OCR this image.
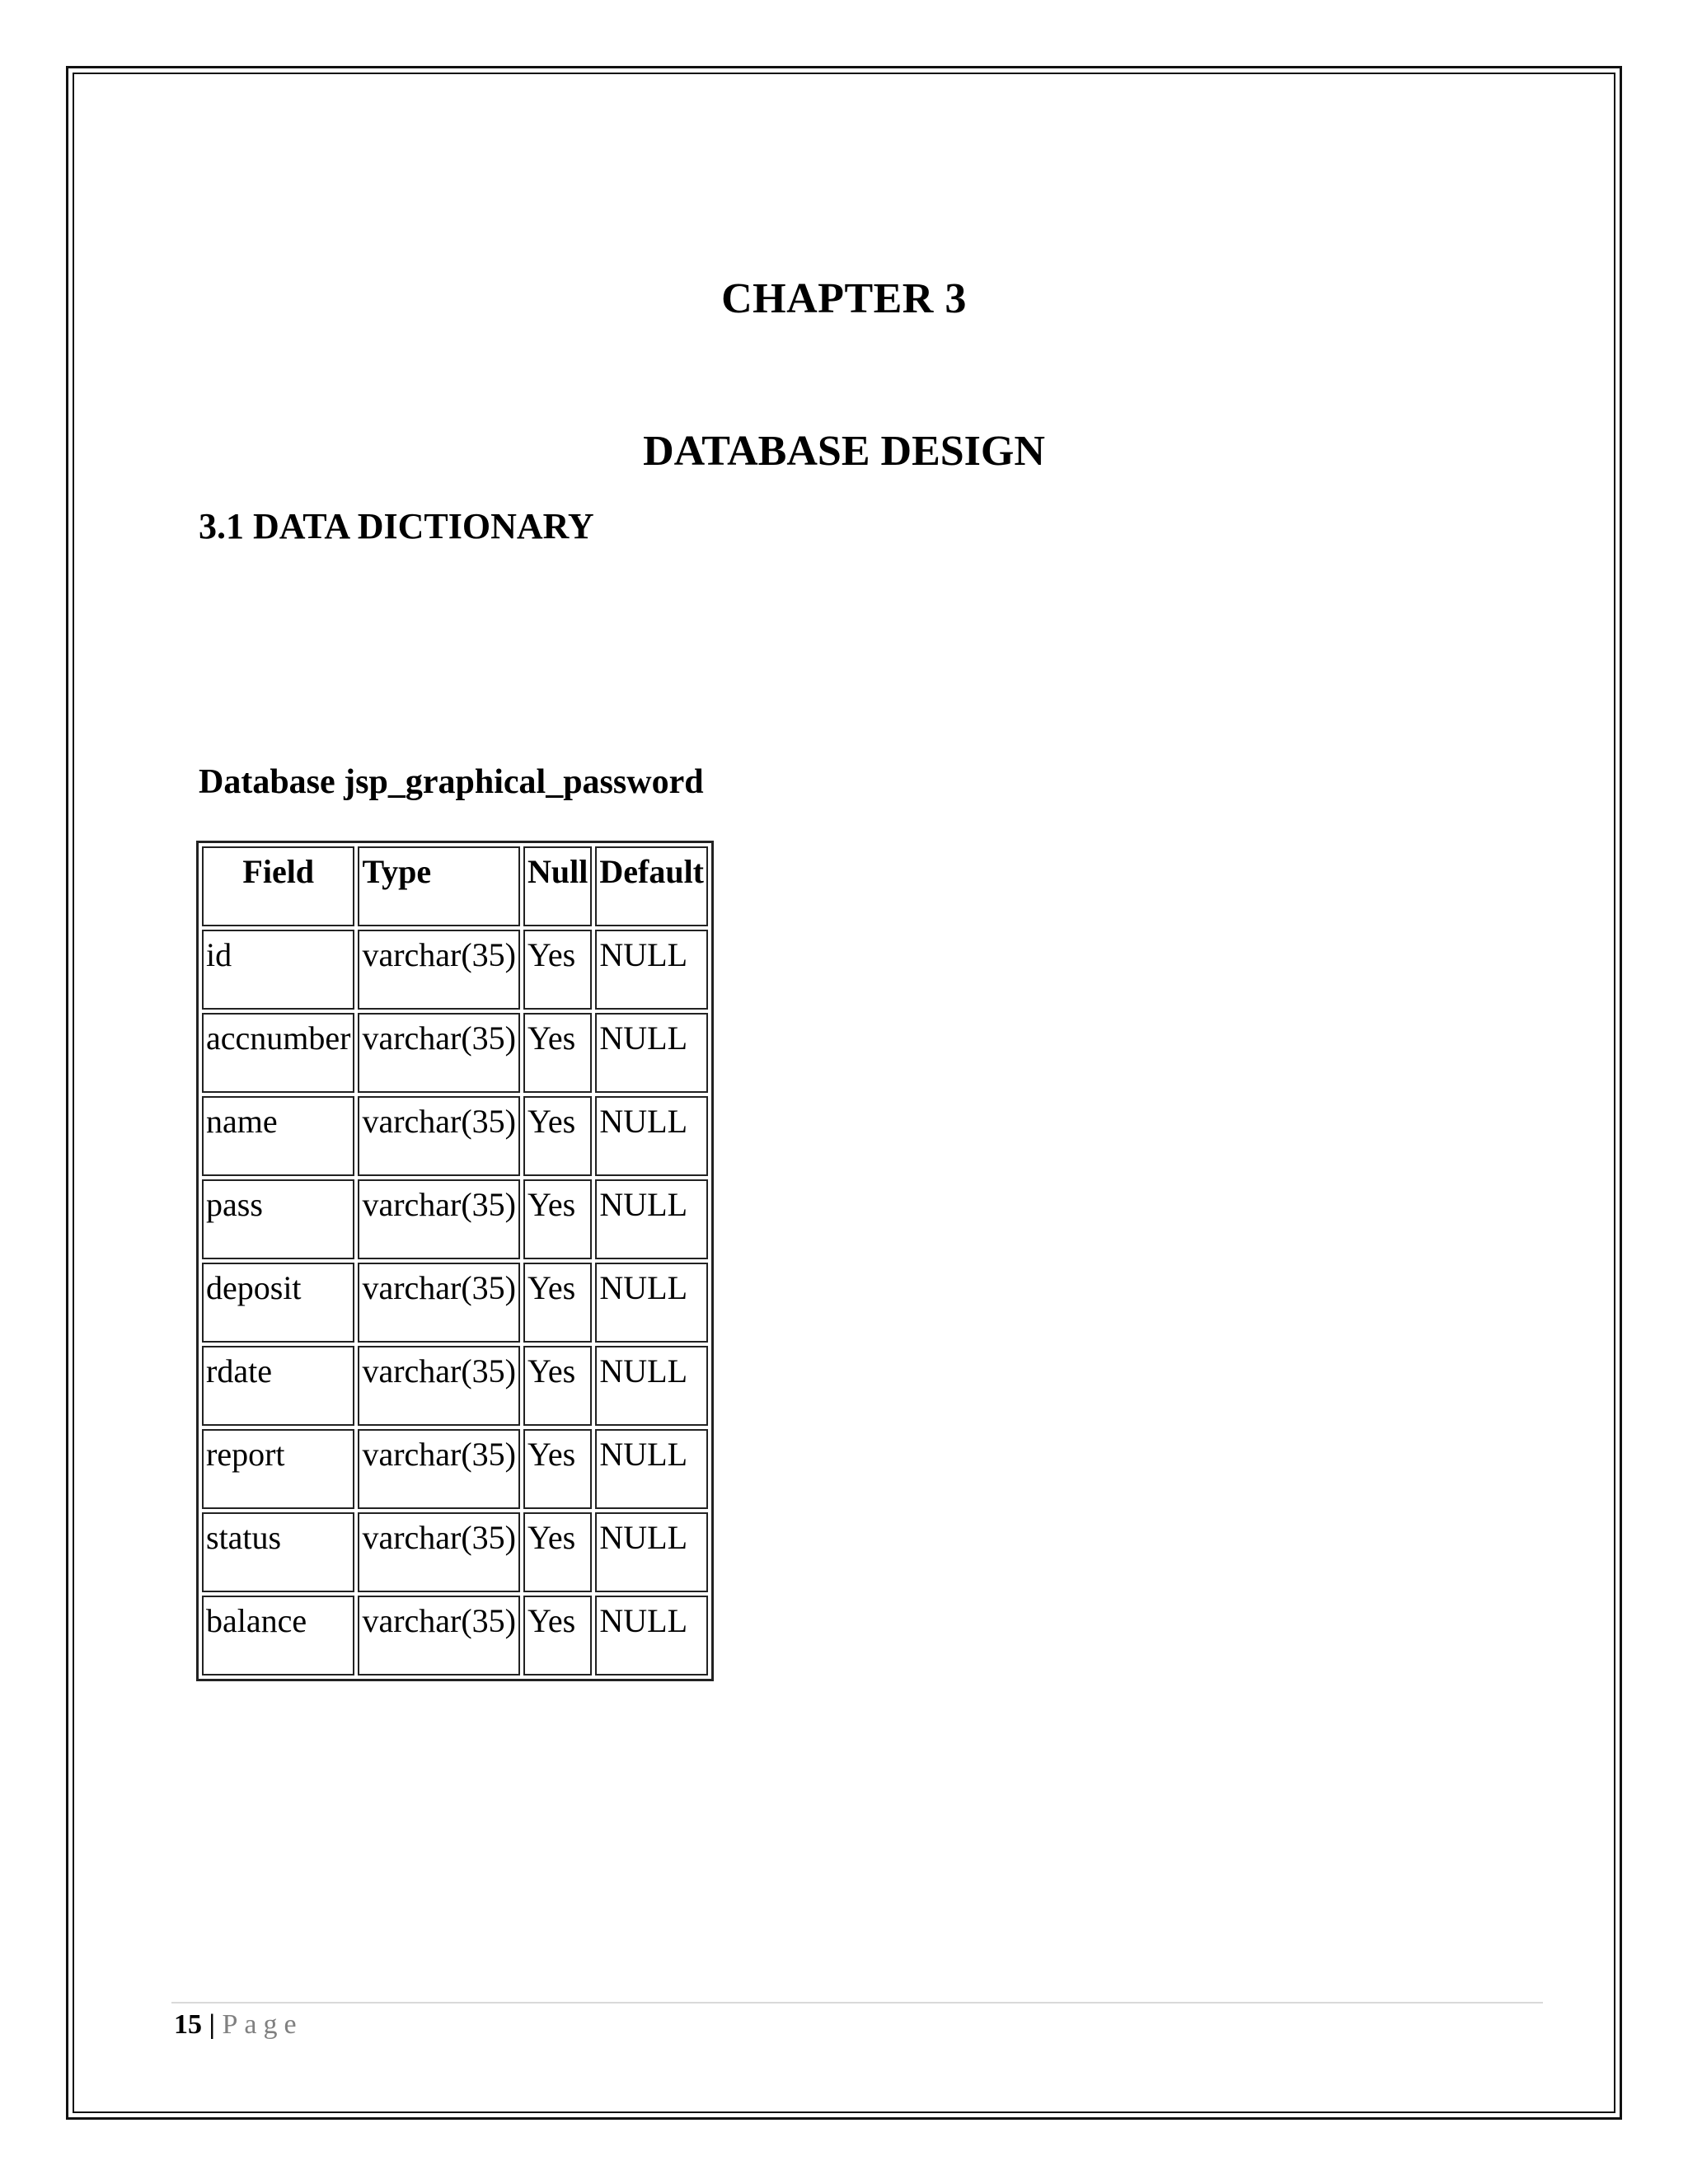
CHAPTER 3
DATABASE DESIGN
3.1 DATA DICTIONARY
Database jsp_graphical_password
Field	Type	Null	Default
id	varchar(35)	Yes	NULL
accnumber	varchar(35)	Yes	NULL
name	varchar(35)	Yes	NULL
pass	varchar(35)	Yes	NULL
deposit	varchar(35)	Yes	NULL
rdate	varchar(35)	Yes	NULL
report	varchar(35)	Yes	NULL
status	varchar(35)	Yes	NULL
balance	varchar(35)	Yes	NULL
15 | Page
